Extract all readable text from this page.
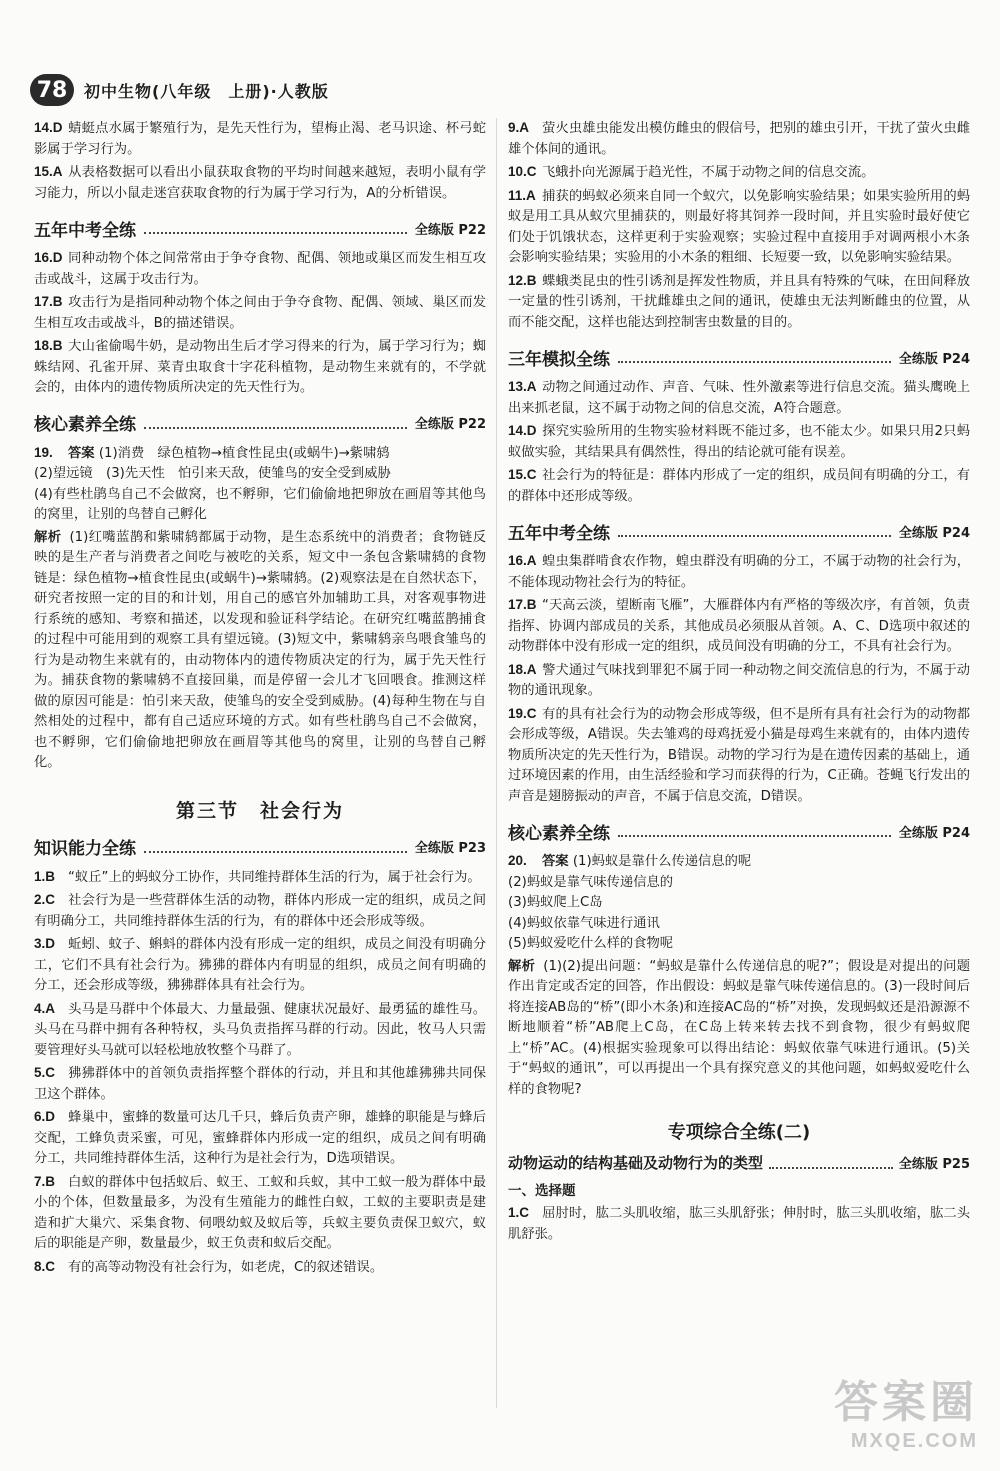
78	初中生物(八年级　上册)·人教版
14.D 蜻蜓点水属于繁殖行为，是先天性行为，望梅止渴、老马识途、杯弓蛇影属于学习行为。
15.A 从表格数据可以看出小鼠获取食物的平均时间越来越短，表明小鼠有学习能力，所以小鼠走迷宫获取食物的行为属于学习行为，A的分析错误。
五年中考全练	全练版 P22
16.D 同种动物个体之间常常由于争夺食物、配偶、领地或巢区而发生相互攻击或战斗，这属于攻击行为。
17.B 攻击行为是指同种动物个体之间由于争夺食物、配偶、领域、巢区而发生相互攻击或战斗，B的描述错误。
18.B 大山雀偷喝牛奶，是动物出生后才学习得来的行为，属于学习行为；蜘蛛结网、孔雀开屏、菜青虫取食十字花科植物，是动物生来就有的，不学就会的，由体内的遗传物质所决定的先天性行为。
核心素养全练	全练版 P22
19. 答案 (1)消费　绿色植物→植食性昆虫(或蜗牛)→紫啸鸫
(2)望远镜　(3)先天性　怕引来天敌，使雏鸟的安全受到威胁
(4)有些杜鹃鸟自己不会做窝，也不孵卵，它们偷偷地把卵放在画眉等其他鸟的窝里，让别的鸟替自己孵化
解析 (1)红嘴蓝鹊和紫啸鸫都属于动物，是生态系统中的消费者；食物链反映的是生产者与消费者之间吃与被吃的关系，短文中一条包含紫啸鸫的食物链是：绿色植物→植食性昆虫(或蜗牛)→紫啸鸫。(2)观察法是在自然状态下，研究者按照一定的目的和计划，用自己的感官外加辅助工具，对客观事物进行系统的感知、考察和描述，以发现和验证科学结论。在研究红嘴蓝鹊捕食的过程中可能用到的观察工具有望远镜。(3)短文中，紫啸鸫亲鸟喂食雏鸟的行为是动物生来就有的，由动物体内的遗传物质决定的行为，属于先天性行为。捕获食物的紫啸鸫不直接回巢，而是停留一会儿才飞回喂食。推测这样做的原因可能是：怕引来天敌，使雏鸟的安全受到威胁。(4)每种生物在与自然相处的过程中，都有自己适应环境的方式。如有些杜鹃鸟自己不会做窝，也不孵卵，它们偷偷地把卵放在画眉等其他鸟的窝里，让别的鸟替自己孵化。
第三节　社会行为
知识能力全练	全练版 P23
1.B “蚁丘”上的蚂蚁分工协作，共同维持群体生活的行为，属于社会行为。
2.C 社会行为是一些营群体生活的动物，群体内形成一定的组织，成员之间有明确分工，共同维持群体生活的行为，有的群体中还会形成等级。
3.D 蚯蚓、蚊子、蝌蚪的群体内没有形成一定的组织，成员之间没有明确分工，它们不具有社会行为。狒狒的群体内有明显的组织，成员之间有明确的分工，还会形成等级，狒狒群体具有社会行为。
4.A 头马是马群中个体最大、力量最强、健康状况最好、最勇猛的雄性马。头马在马群中拥有各种特权，头马负责指挥马群的行动。因此，牧马人只需要管理好头马就可以轻松地放牧整个马群了。
5.C 狒狒群体中的首领负责指挥整个群体的行动，并且和其他雄狒狒共同保卫这个群体。
6.D 蜂巢中，蜜蜂的数量可达几千只，蜂后负责产卵，雄蜂的职能是与蜂后交配，工蜂负责采蜜，可见，蜜蜂群体内形成一定的组织，成员之间有明确分工，共同维持群体生活，这种行为是社会行为，D选项错误。
7.B 白蚁的群体中包括蚁后、蚁王、工蚁和兵蚁，其中工蚁一般为群体中最小的个体，但数量最多，为没有生殖能力的雌性白蚁，工蚁的主要职责是建造和扩大巢穴、采集食物、伺喂幼蚁及蚁后等，兵蚁主要负责保卫蚁穴，蚁后的职能是产卵，数量最少，蚁王负责和蚁后交配。
8.C 有的高等动物没有社会行为，如老虎，C的叙述错误。
9.A 萤火虫雄虫能发出模仿雌虫的假信号，把别的雄虫引开，干扰了萤火虫雌雄个体间的通讯。
10.C 飞蛾扑向光源属于趋光性，不属于动物之间的信息交流。
11.A 捕获的蚂蚁必须来自同一个蚁穴，以免影响实验结果；如果实验所用的蚂蚁是用工具从蚁穴里捕获的，则最好将其饲养一段时间，并且实验时最好使它们处于饥饿状态，这样更利于实验观察；实验过程中直接用手对调两根小木条会影响实验结果；实验用的小木条的粗细、长短要一致，以免影响实验结果。
12.B 蝶蛾类昆虫的性引诱剂是挥发性物质，并且具有特殊的气味，在田间释放一定量的性引诱剂，干扰雌雄虫之间的通讯，使雄虫无法判断雌虫的位置，从而不能交配，这样也能达到控制害虫数量的目的。
三年模拟全练	全练版 P24
13.A 动物之间通过动作、声音、气味、性外激素等进行信息交流。猫头鹰晚上出来抓老鼠，这不属于动物之间的信息交流，A符合题意。
14.D 探究实验所用的生物实验材料既不能过多，也不能太少。如果只用2只蚂蚁做实验，其结果具有偶然性，得出的结论就可能有误差。
15.C 社会行为的特征是：群体内形成了一定的组织，成员间有明确的分工，有的群体中还形成等级。
五年中考全练	全练版 P24
16.A 蝗虫集群啃食农作物，蝗虫群没有明确的分工，不属于动物的社会行为，不能体现动物社会行为的特征。
17.B “天高云淡，望断南飞雁”，大雁群体内有严格的等级次序，有首领，负责指挥、协调内部成员的关系，其他成员必须服从首领。A、C、D选项中叙述的动物群体中没有形成一定的组织，成员间没有明确的分工，不具有社会行为。
18.A 警犬通过气味找到罪犯不属于同一种动物之间交流信息的行为，不属于动物的通讯现象。
19.C 有的具有社会行为的动物会形成等级，但不是所有具有社会行为的动物都会形成等级，A错误。失去雏鸡的母鸡抚爱小猫是母鸡生来就有的，由体内遗传物质所决定的先天性行为，B错误。动物的学习行为是在遗传因素的基础上，通过环境因素的作用，由生活经验和学习而获得的行为，C正确。苍蝇飞行发出的声音是翅膀振动的声音，不属于信息交流，D错误。
核心素养全练	全练版 P24
20. 答案 (1)蚂蚁是靠什么传递信息的呢
(2)蚂蚁是靠气味传递信息的
(3)蚂蚁爬上C岛
(4)蚂蚁依靠气味进行通讯
(5)蚂蚁爱吃什么样的食物呢
解析 (1)(2)提出问题：“蚂蚁是靠什么传递信息的呢?”；假设是对提出的问题作出肯定或否定的回答，作出假设：蚂蚁是靠气味传递信息的。(3)一段时间后将连接AB岛的“桥”(即小木条)和连接AC岛的“桥”对换，发现蚂蚁还是沿源源不断地顺着“桥”AB爬上C岛，在C岛上转来转去找不到食物，很少有蚂蚁爬上“桥”AC。(4)根据实验现象可以得出结论：蚂蚁依靠气味进行通讯。(5)关于“蚂蚁的通讯”，可以再提出一个具有探究意义的其他问题，如蚂蚁爱吃什么样的食物呢?
专项综合全练(二)
动物运动的结构基础及动物行为的类型	全练版 P25
一、选择题
1.C 屈肘时，肱二头肌收缩，肱三头肌舒张；伸肘时，肱三头肌收缩，肱二头肌舒张。
答案圈
MXQE.COM
